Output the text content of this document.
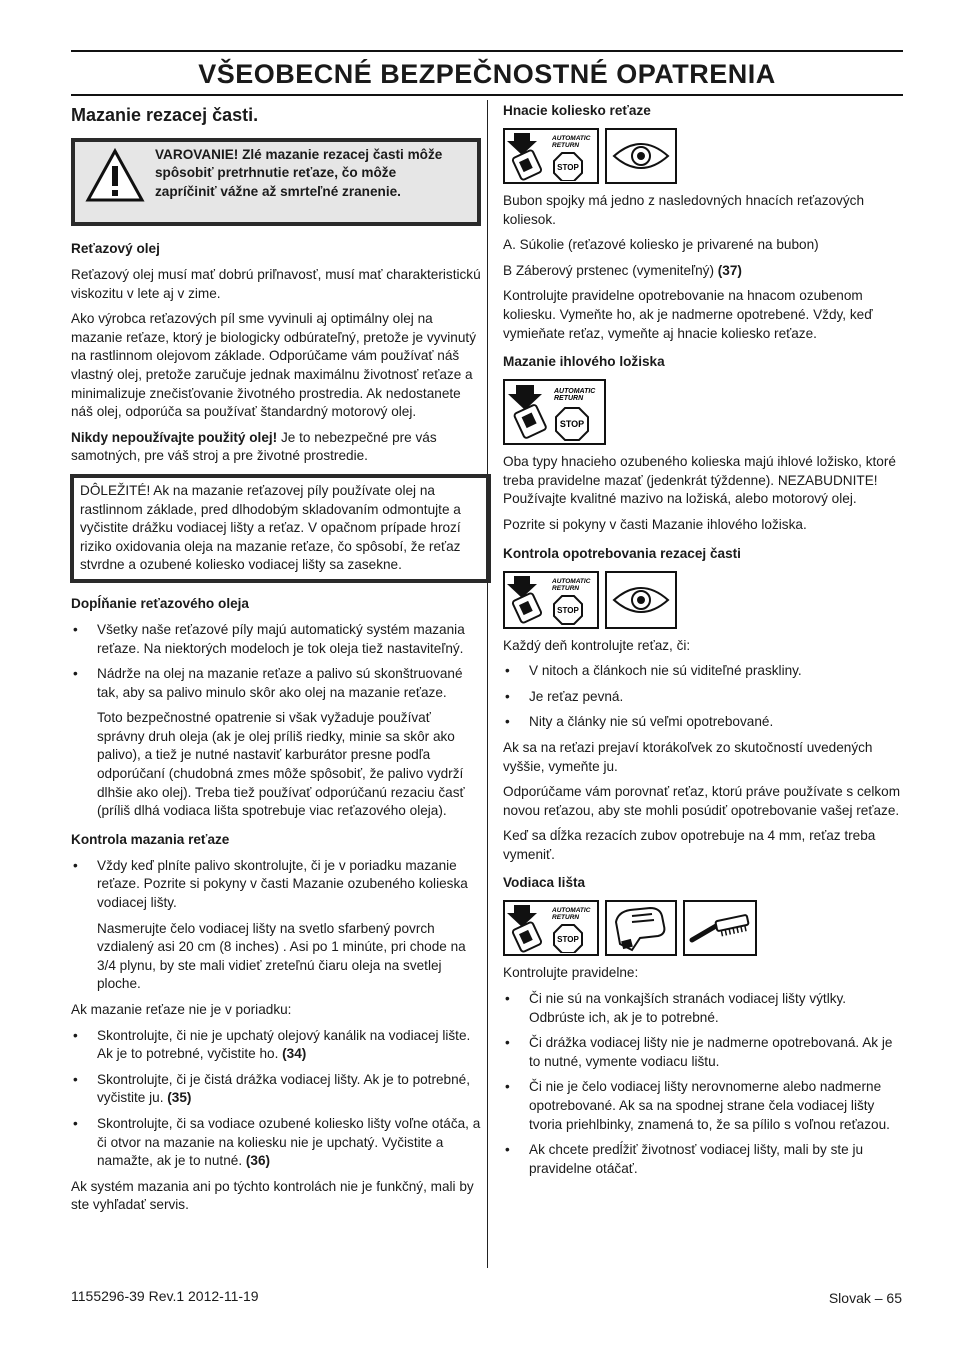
VŠEOBECNÉ BEZPEČNOSTNÉ OPATRENIA
Mazanie rezacej časti.
VAROVANIE! Zlé mazanie rezacej časti môže spôsobiť pretrhnutie reťaze, čo môže zapríčiniť vážne až smrteľné zranenie.
Reťazový olej

Reťazový olej musí mať dobrú priľnavosť, musí mať charakteristickú viskozitu v lete aj v zime.

Ako výrobca reťazových píl sme vyvinuli aj optimálny olej na mazanie reťaze, ktorý je biologicky odbúrateľný, pretože je vyvinutý na rastlinnom olejovom základe. Odporúčame vám používať náš vlastný olej, pretože zaručuje jednak maximálnu životnosť reťaze a minimalizuje znečisťovanie životného prostredia. Ak nedostanete náš olej, odporúča sa používať štandardný motorový olej.

Nikdy nepoužívajte použitý olej! Je to nebezpečné pre vás samotných, pre váš stroj a pre životné prostredie.

DÔLEŽITÉ! Ak na mazanie reťazovej píly používate olej na rastlinnom základe, pred dlhodobým skladovaním odmontujte a vyčistite drážku vodiacej lišty a reťaz. V opačnom prípade hrozí riziko oxidovania oleja na mazanie reťaze, čo spôsobí, že reťaz stvrdne a ozubené koliesko vodiacej lišty sa zasekne.
Dopĺňanie reťazového oleja
• Všetky naše reťazové píly majú automatický systém mazania reťaze. Na niektorých modeloch je tok oleja tiež nastaviteľný.
• Nádrže na olej na mazanie reťaze a palivo sú skonštruované tak, aby sa palivo minulo skôr ako olej na mazanie reťaze.
Toto bezpečnostné opatrenie si však vyžaduje používať správny druh oleja (ak je olej príliš riedky, minie sa skôr ako palivo), a tiež je nutné nastaviť karburátor presne podľa odporúčaní (chudobná zmes môže spôsobiť, že palivo vydrží dlhšie ako olej). Treba tiež používať odporúčanú rezaciu časť (príliš dlhá vodiaca lišta spotrebuje viac reťazového oleja).
Kontrola mazania reťaze
• Vždy keď plníte palivo skontrolujte, či je v poriadku mazanie reťaze. Pozrite si pokyny v časti Mazanie ozubeného kolieska vodiacej lišty.
Nasmerujte čelo vodiacej lišty na svetlo sfarbený povrch vzdialený asi 20 cm (8 inches) . Asi po 1 minúte, pri chode na 3/4 plynu, by ste mali vidieť zreteľnú čiaru oleja na svetlej ploche.

Ak mazanie reťaze nie je v poriadku:

• Skontrolujte, či nie je upchatý olejový kanálik na vodiacej lište. Ak je to potrebné, vyčistite ho. (34)
• Skontrolujte, či je čistá drážka vodiacej lišty. Ak je to potrebné, vyčistite ju. (35)
• Skontrolujte, či sa vodiace ozubené koliesko lišty voľne otáča, a či otvor na mazanie na koliesku nie je upchatý. Vyčistite a namažte, ak je to nutné. (36)

Ak systém mazania ani po týchto kontrolách nie je funkčný, mali by ste vyhľadať servis.

Hnacie koliesko reťaze
AUTOMATIC
RETURN
STOP

Bubon spojky má jedno z nasledovných hnacích reťazových koliesok.

A. Súkolie (reťazové koliesko je privarené na bubon)

B Záberový prstenec (vymeniteľný) (37)

Kontrolujte pravidelne opotrebovanie na hnacom ozubenom koliesku. Vymeňte ho, ak je nadmerne opotrebené. Vždy, keď vymieňate reťaz, vymeňte aj hnacie koliesko reťaze.

Mazanie ihlového ložiska
AUTOMATIC
RETURN
STOP

Oba typy hnacieho ozubeného kolieska majú ihlové ložisko, ktoré treba pravidelne mazať (jedenkrát týždenne). NEZABUDNITE! Používajte kvalitné mazivo na ložiská, alebo motorový olej.

Pozrite si pokyny v časti Mazanie ihlového ložiska.

Kontrola opotrebovania rezacej časti
AUTOMATIC
RETURN
STOP

Každý deň kontrolujte reťaz, či:

• V nitoch a článkoch nie sú viditeľné praskliny.
• Je reťaz pevná.
• Nity a články nie sú veľmi opotrebované.

Ak sa na reťazi prejaví ktorákoľvek zo skutočností uvedených vyššie, vymeňte ju.

Odporúčame vám porovnať reťaz, ktorú práve používate s celkom novou reťazou, aby ste mohli posúdiť opotrebovanie vašej reťaze.

Keď sa dĺžka rezacích zubov opotrebuje na 4 mm, reťaz treba vymeniť.

Vodiaca lišta
AUTOMATIC
RETURN
STOP

Kontrolujte pravidelne:

• Či nie sú na vonkajších stranách vodiacej lišty výtlky. Odbrúste ich, ak je to potrebné.
• Či drážka vodiacej lišty nie je nadmerne opotrebovaná. Ak je to nutné, vymente vodiacu lištu.
• Či nie je čelo vodiacej lišty nerovnomerne alebo nadmerne opotrebované. Ak sa na spodnej strane čela vodiacej lišty tvoria priehlbinky, znamená to, že sa pílilo s voľnou reťazou.
• Ak chcete predĺžiť životnosť vodiacej lišty, mali by ste ju pravidelne otáčať.
1155296-39 Rev.1 2012-11-19	Slovak – 65
